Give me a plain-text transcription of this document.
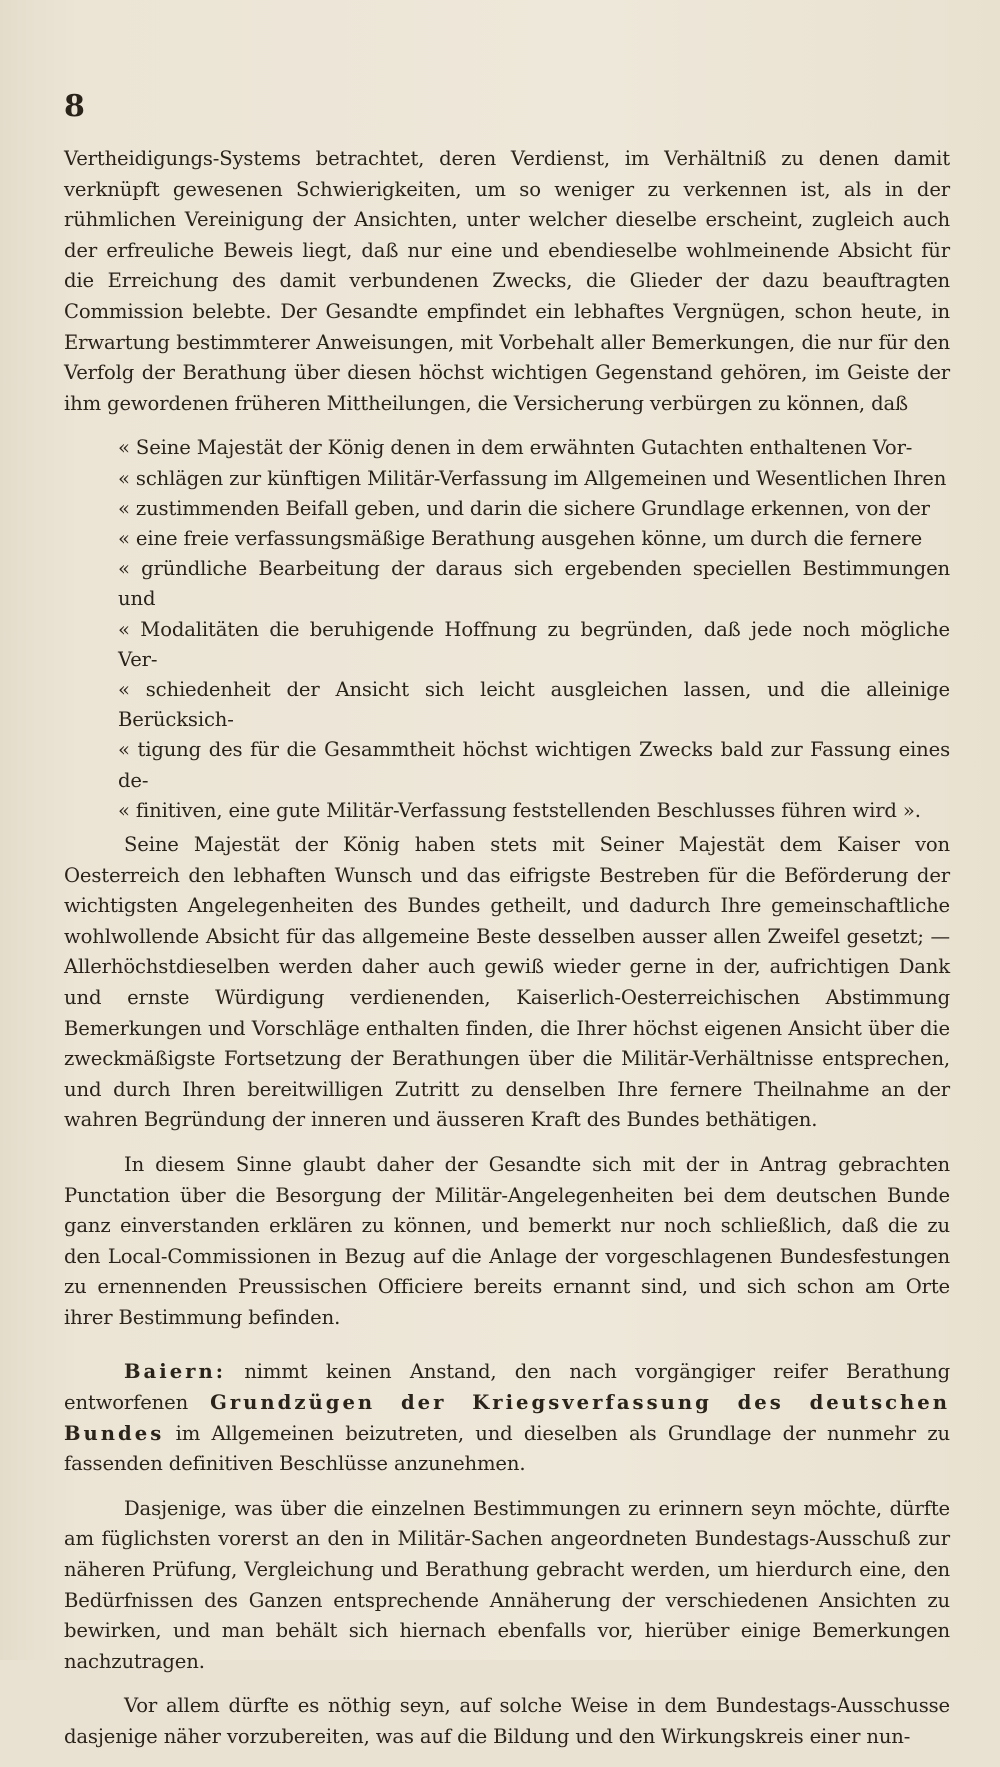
8

Vertheidigungs-Systems betrachtet, deren Verdienst, im Verhältniß zu denen damit verknüpft gewesenen Schwierigkeiten, um so weniger zu verkennen ist, als in der rühmlichen Vereinigung der Ansichten, unter welcher dieselbe erscheint, zugleich auch der erfreuliche Beweis liegt, daß nur eine und ebendieselbe wohlmeinende Absicht für die Erreichung des damit verbundenen Zwecks, die Glieder der dazu beauftragten Commission belebte. Der Gesandte empfindet ein lebhaftes Vergnügen, schon heute, in Erwartung bestimmterer Anweisungen, mit Vorbehalt aller Bemerkungen, die nur für den Verfolg der Berathung über diesen höchst wichtigen Gegenstand gehören, im Geiste der ihm gewordenen früheren Mittheilungen, die Versicherung verbürgen zu können, daß

« Seine Majestät der König denen in dem erwähnten Gutachten enthaltenen Vor-

« schlägen zur künftigen Militär-Verfassung im Allgemeinen und Wesentlichen Ihren

« zustimmenden Beifall geben, und darin die sichere Grundlage erkennen, von der

« eine freie verfassungsmäßige Berathung ausgehen könne, um durch die fernere

« gründliche Bearbeitung der daraus sich ergebenden speciellen Bestimmungen und

« Modalitäten die beruhigende Hoffnung zu begründen, daß jede noch mögliche Ver-

« schiedenheit der Ansicht sich leicht ausgleichen lassen, und die alleinige Berücksich-

« tigung des für die Gesammtheit höchst wichtigen Zwecks bald zur Fassung eines de-

« finitiven, eine gute Militär-Verfassung feststellenden Beschlusses führen wird ».

Seine Majestät der König haben stets mit Seiner Majestät dem Kaiser von Oesterreich den lebhaften Wunsch und das eifrigste Bestreben für die Beförderung der wichtigsten Angelegenheiten des Bundes getheilt, und dadurch Ihre gemeinschaftliche wohlwollende Absicht für das allgemeine Beste desselben ausser allen Zweifel gesetzt; — Allerhöchstdieselben werden daher auch gewiß wieder gerne in der, aufrichtigen Dank und ernste Würdigung verdienenden, Kaiserlich-Oesterreichischen Abstimmung Bemerkungen und Vorschläge enthalten finden, die Ihrer höchst eigenen Ansicht über die zweckmäßigste Fortsetzung der Berathungen über die Militär-Verhältnisse entsprechen, und durch Ihren bereitwilligen Zutritt zu denselben Ihre fernere Theilnahme an der wahren Begründung der inneren und äusseren Kraft des Bundes bethätigen.

In diesem Sinne glaubt daher der Gesandte sich mit der in Antrag gebrachten Punctation über die Besorgung der Militär-Angelegenheiten bei dem deutschen Bunde ganz einverstanden erklären zu können, und bemerkt nur noch schließlich, daß die zu den Local-Commissionen in Bezug auf die Anlage der vorgeschlagenen Bundesfestungen zu ernennenden Preussischen Officiere bereits ernannt sind, und sich schon am Orte ihrer Bestimmung befinden.

Baiern: nimmt keinen Anstand, den nach vorgängiger reifer Berathung entworfenen Grundzügen der Kriegsverfassung des deutschen Bundes im Allgemeinen beizutreten, und dieselben als Grundlage der nunmehr zu fassenden definitiven Beschlüsse anzunehmen.

Dasjenige, was über die einzelnen Bestimmungen zu erinnern seyn möchte, dürfte am füglichsten vorerst an den in Militär-Sachen angeordneten Bundestags-Ausschuß zur näheren Prüfung, Vergleichung und Berathung gebracht werden, um hierdurch eine, den Bedürfnissen des Ganzen entsprechende Annäherung der verschiedenen Ansichten zu bewirken, und man behält sich hiernach ebenfalls vor, hierüber einige Bemerkungen nachzutragen.

Vor allem dürfte es nöthig seyn, auf solche Weise in dem Bundestags-Ausschusse dasjenige näher vorzubereiten, was auf die Bildung und den Wirkungskreis einer nun-
